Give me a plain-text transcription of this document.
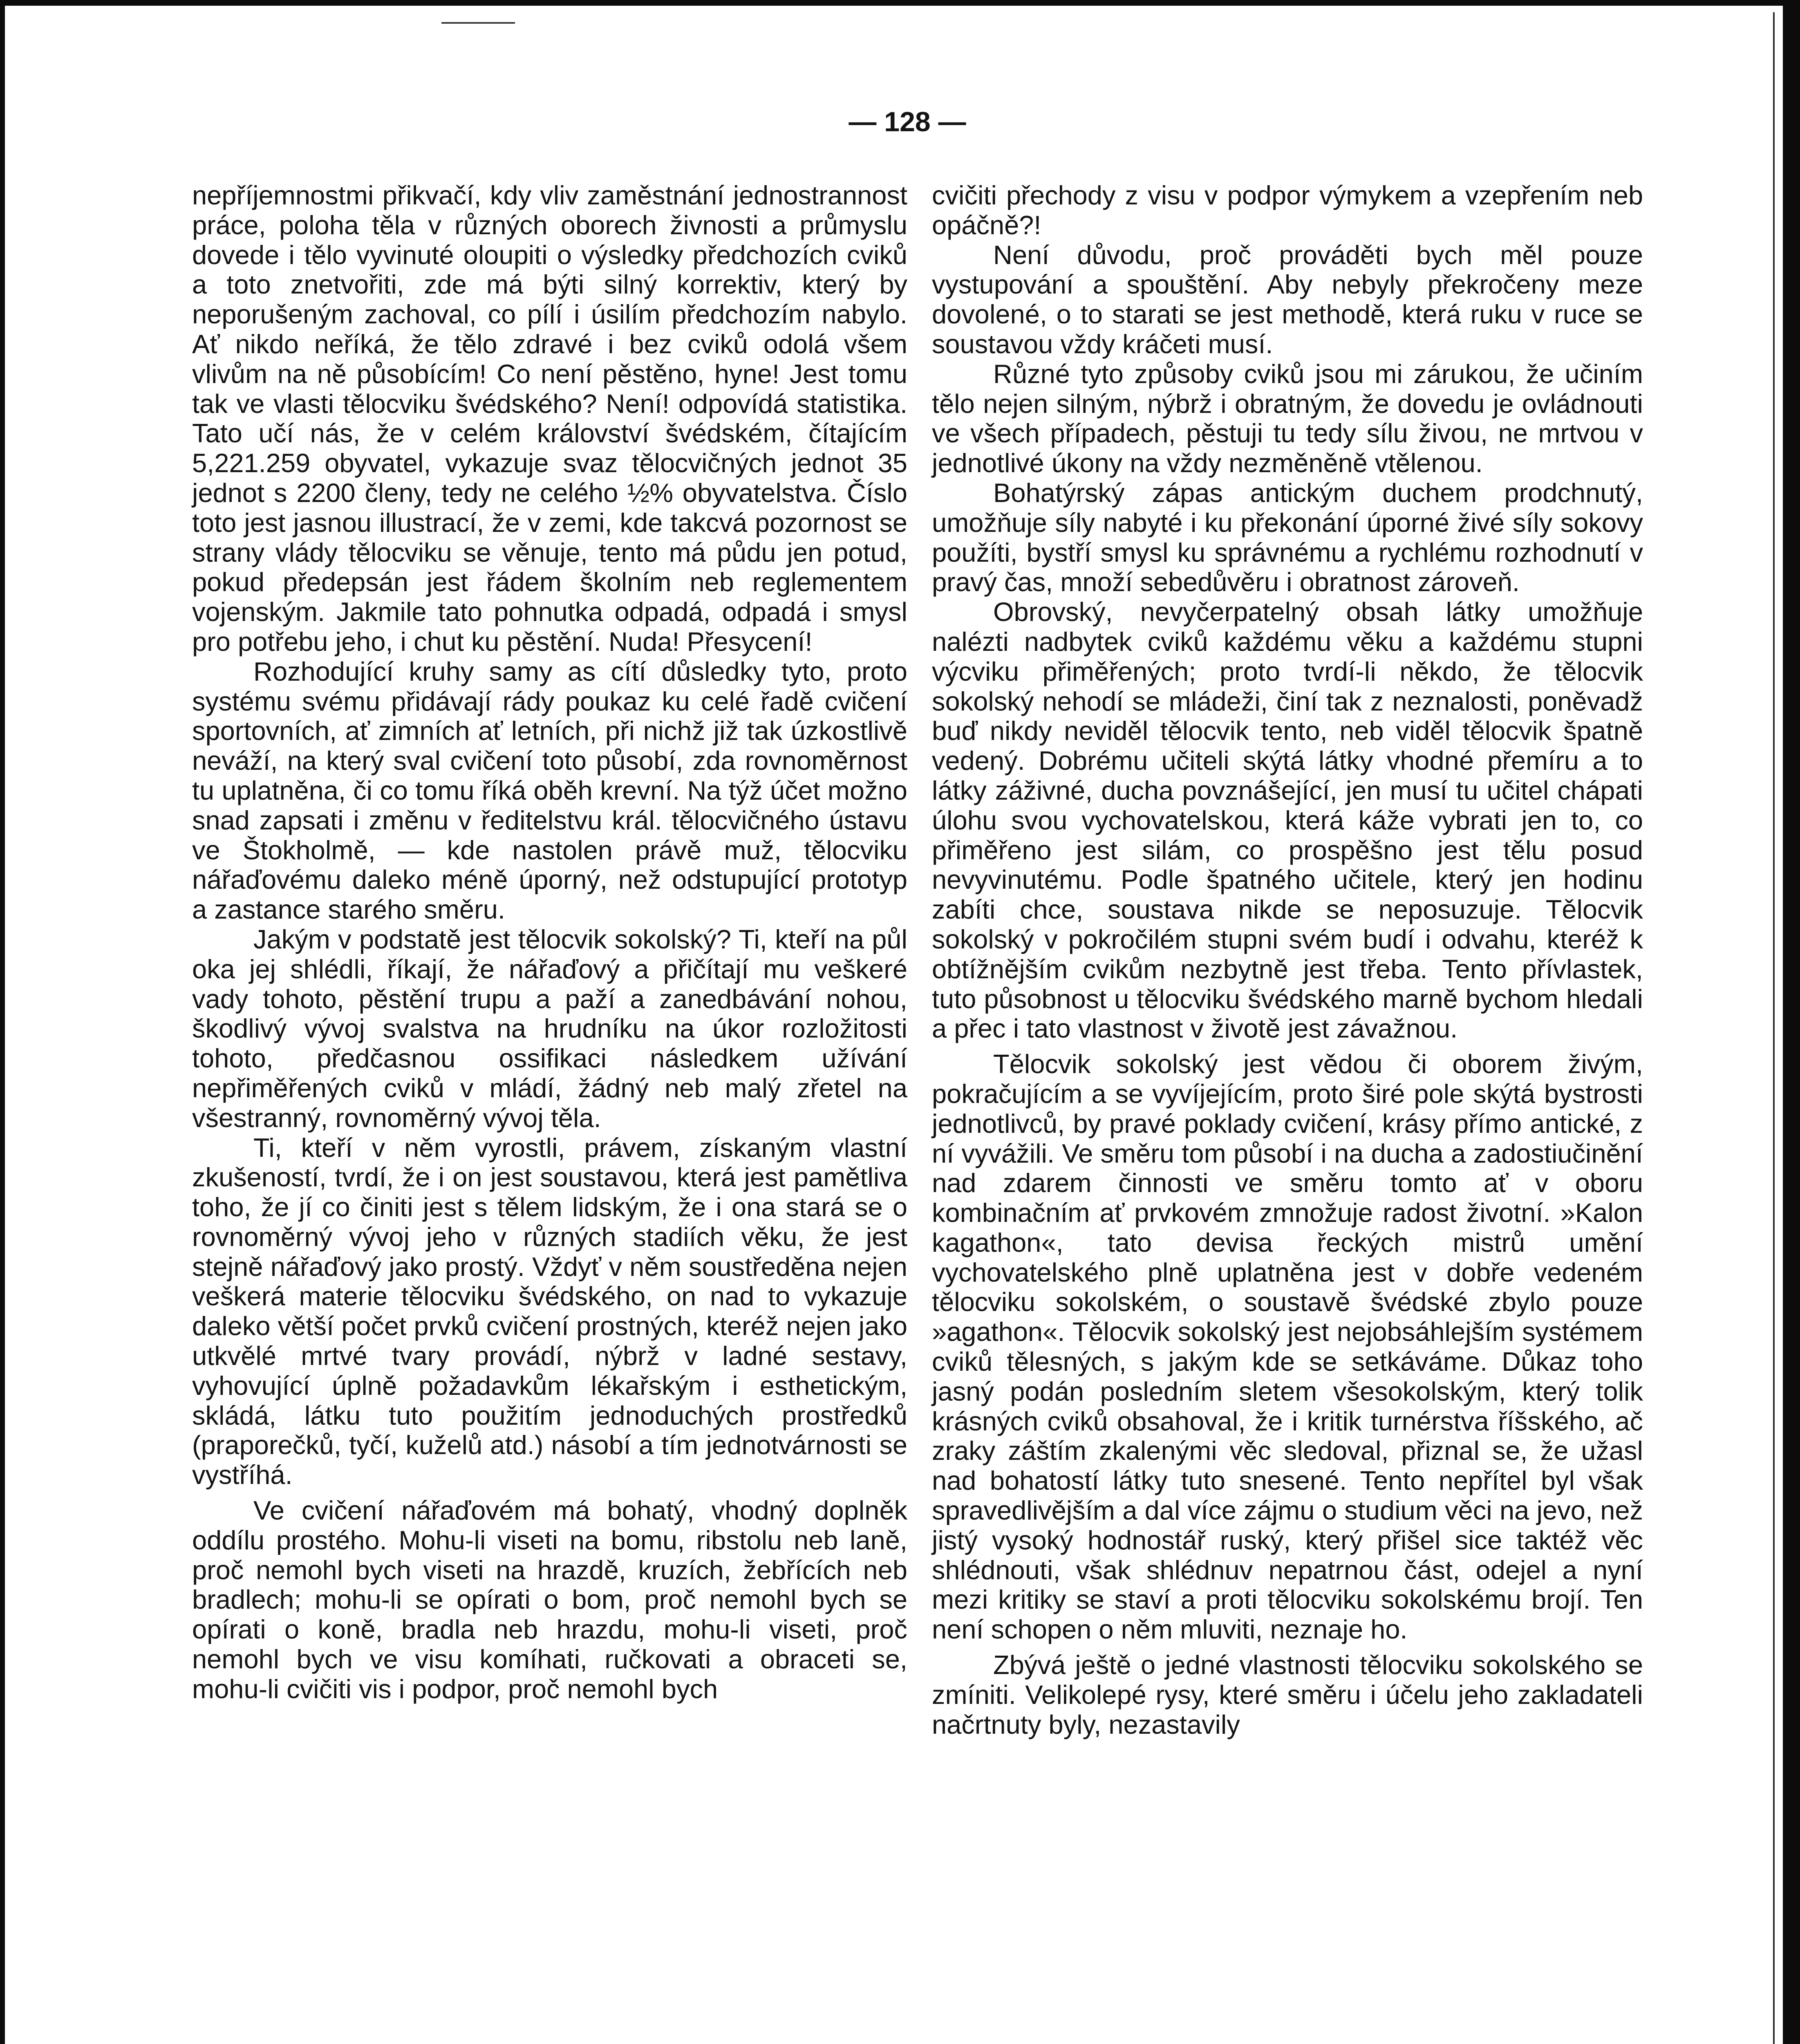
— 128 —

nepříjemnostmi přikvačí, kdy vliv zaměstnání jednostrannost práce, poloha těla v různých oborech živnosti a průmyslu dovede i tělo vyvinuté oloupiti o výsledky předchozích cviků a toto znetvořiti, zde má býti silný korrektiv, který by neporušeným zachoval, co pílí i úsilím předchozím nabylo. Ať nikdo neříká, že tělo zdravé i bez cviků odolá všem vlivům na ně působícím! Co není pěstěno, hyne! Jest tomu tak ve vlasti tělocviku švédského? Není! odpovídá statistika. Tato učí nás, že v celém království švédském, čítajícím 5,221.259 obyvatel, vykazuje svaz tělocvičných jednot 35 jednot s 2200 členy, tedy ne celého ½% obyvatelstva. Číslo toto jest jasnou illustrací, že v zemi, kde takcvá pozornost se strany vlády tělocviku se věnuje, tento má půdu jen potud, pokud předepsán jest řádem školním neb reglementem vojenským. Jakmile tato pohnutka odpadá, odpadá i smysl pro potřebu jeho, i chut ku pěstění. Nuda! Přesycení!

Rozhodující kruhy samy as cítí důsledky tyto, proto systému svému přidávají rády poukaz ku celé řadě cvičení sportovních, ať zimních ať letních, při nichž již tak úzkostlivě neváží, na který sval cvičení toto působí, zda rovnoměrnost tu uplatněna, či co tomu říká oběh krevní. Na týž účet možno snad zapsati i změnu v ředitelstvu král. tělocvičného ústavu ve Štokholmě, — kde nastolen právě muž, tělocviku nářaďovému daleko méně úporný, než odstupující prototyp a zastance starého směru.

Jakým v podstatě jest tělocvik sokolský? Ti, kteří na půl oka jej shlédli, říkají, že nářaďový a přičítají mu veškeré vady tohoto, pěstění trupu a paží a zanedbávání nohou, škodlivý vývoj svalstva na hrudníku na úkor rozložitosti tohoto, předčasnou ossifikaci následkem užívání nepřiměřených cviků v mládí, žádný neb malý zřetel na všestranný, rovnoměrný vývoj těla.

Ti, kteří v něm vyrostli, právem, získaným vlastní zkušeností, tvrdí, že i on jest soustavou, která jest pamětliva toho, že jí co činiti jest s tělem lidským, že i ona stará se o rovnoměrný vývoj jeho v různých stadiích věku, že jest stejně nářaďový jako prostý. Vždyť v něm soustředěna nejen veškerá materie tělocviku švédského, on nad to vykazuje daleko větší počet prvků cvičení prostných, kteréž nejen jako utkvělé mrtvé tvary provádí, nýbrž v ladné sestavy, vyhovující úplně požadavkům lékařským i esthetickým, skládá, látku tuto použitím jednoduchých prostředků (praporečků, tyčí, kuželů atd.) násobí a tím jednotvárnosti se vystříhá.

Ve cvičení nářaďovém má bohatý, vhodný doplněk oddílu prostého. Mohu-li viseti na bomu, ribstolu neb laně, proč nemohl bych viseti na hrazdě, kruzích, žebřících neb bradlech; mohu-li se opírati o bom, proč nemohl bych se opírati o koně, bradla neb hrazdu, mohu-li viseti, proč nemohl bych ve visu komíhati, ručkovati a obraceti se, mohu-li cvičiti vis i podpor, proč nemohl bych

cvičiti přechody z visu v podpor výmykem a vzepřením neb opáčně?!

Není důvodu, proč prováděti bych měl pouze vystupování a spouštění. Aby nebyly překročeny meze dovolené, o to starati se jest methodě, která ruku v ruce se soustavou vždy kráčeti musí.

Různé tyto způsoby cviků jsou mi zárukou, že učiním tělo nejen silným, nýbrž i obratným, že dovedu je ovládnouti ve všech případech, pěstuji tu tedy sílu živou, ne mrtvou v jednotlivé úkony na vždy nezměněně vtělenou.

Bohatýrský zápas antickým duchem prodchnutý, umožňuje síly nabyté i ku překonání úporné živé síly sokovy použíti, bystří smysl ku správnému a rychlému rozhodnutí v pravý čas, množí sebedůvěru i obratnost zároveň.

Obrovský, nevyčerpatelný obsah látky umožňuje nalézti nadbytek cviků každému věku a každému stupni výcviku přiměřených; proto tvrdí-li někdo, že tělocvik sokolský nehodí se mládeži, činí tak z neznalosti, poněvadž buď nikdy neviděl tělocvik tento, neb viděl tělocvik špatně vedený. Dobrému učiteli skýtá látky vhodné přemíru a to látky záživné, ducha povznášející, jen musí tu učitel chápati úlohu svou vychovatelskou, která káže vybrati jen to, co přiměřeno jest silám, co prospěšno jest tělu posud nevyvinutému. Podle špatného učitele, který jen hodinu zabíti chce, soustava nikde se neposuzuje. Tělocvik sokolský v pokročilém stupni svém budí i odvahu, kteréž k obtížnějším cvikům nezbytně jest třeba. Tento přívlastek, tuto působnost u tělocviku švédského marně bychom hledali a přec i tato vlastnost v životě jest závažnou.

Tělocvik sokolský jest vědou či oborem živým, pokračujícím a se vyvíjejícím, proto širé pole skýtá bystrosti jednotlivců, by pravé poklady cvičení, krásy přímo antické, z ní vyvážili. Ve směru tom působí i na ducha a zadostiučinění nad zdarem činnosti ve směru tomto ať v oboru kombinačním ať prvkovém zmnožuje radost životní. »Kalon kagathon«, tato devisa řeckých mistrů umění vychovatelského plně uplatněna jest v dobře vedeném tělocviku sokolském, o soustavě švédské zbylo pouze »agathon«. Tělocvik sokolský jest nejobsáhlejším systémem cviků tělesných, s jakým kde se setkáváme. Důkaz toho jasný podán posledním sletem všesokolským, který tolik krásných cviků obsahoval, že i kritik turnérstva říšského, ač zraky záštím zkalenými věc sledoval, přiznal se, že užasl nad bohatostí látky tuto snesené. Tento nepřítel byl však spravedlivějším a dal více zájmu o studium věci na jevo, než jistý vysoký hodnostář ruský, který přišel sice taktéž věc shlédnouti, však shlédnuv nepatrnou část, odejel a nyní mezi kritiky se staví a proti tělocviku sokolskému brojí. Ten není schopen o něm mluviti, neznaje ho.

Zbývá ještě o jedné vlastnosti tělocviku sokolského se zmíniti. Velikolepé rysy, které směru i účelu jeho zakladateli načrtnuty byly, nezastavily
